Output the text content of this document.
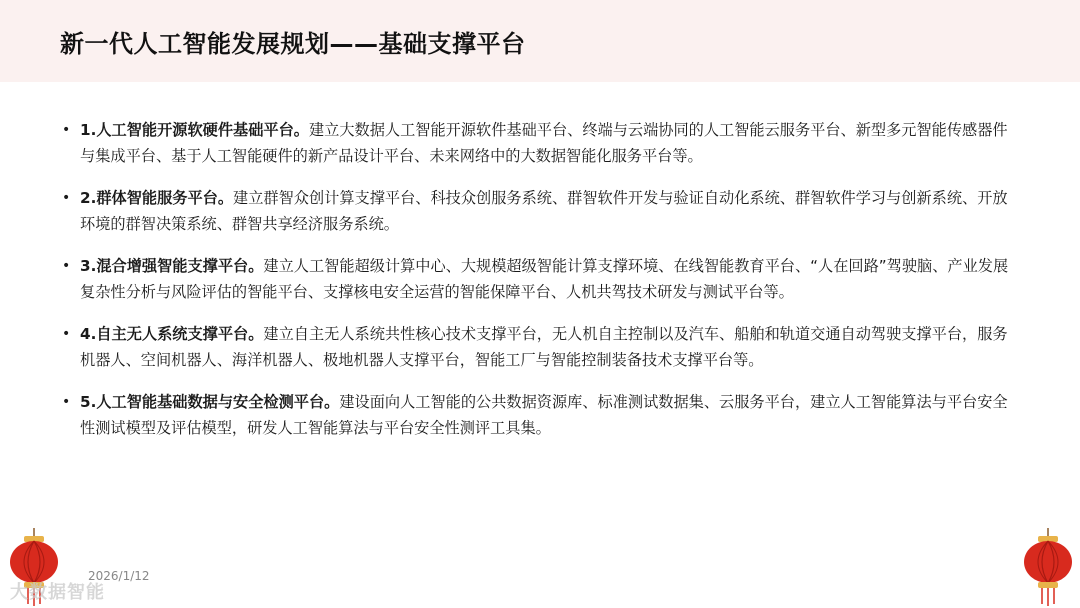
新一代人工智能发展规划——基础支撑平台
• 1.人工智能开源软硬件基础平台。建立大数据人工智能开源软件基础平台、终端与云端协同的人工智能云服务平台、新型多元智能传感器件与集成平台、基于人工智能硬件的新产品设计平台、未来网络中的大数据智能化服务平台等。
• 2.群体智能服务平台。建立群智众创计算支撑平台、科技众创服务系统、群智软件开发与验证自动化系统、群智软件学习与创新系统、开放环境的群智决策系统、群智共享经济服务系统。
• 3.混合增强智能支撑平台。建立人工智能超级计算中心、大规模超级智能计算支撑环境、在线智能教育平台、“人在回路”驾驶脑、产业发展复杂性分析与风险评估的智能平台、支撑核电安全运营的智能保障平台、人机共驾技术研发与测试平台等。
• 4.自主无人系统支撑平台。建立自主无人系统共性核心技术支撑平台，无人机自主控制以及汽车、船舶和轨道交通自动驾驶支撑平台，服务机器人、空间机器人、海洋机器人、极地机器人支撑平台，智能工厂与智能控制装备技术支撑平台等。
• 5.人工智能基础数据与安全检测平台。建设面向人工智能的公共数据资源库、标准测试数据集、云服务平台，建立人工智能算法与平台安全性测试模型及评估模型，研发人工智能算法与平台安全性测评工具集。
2026/1/12
大数据智能
